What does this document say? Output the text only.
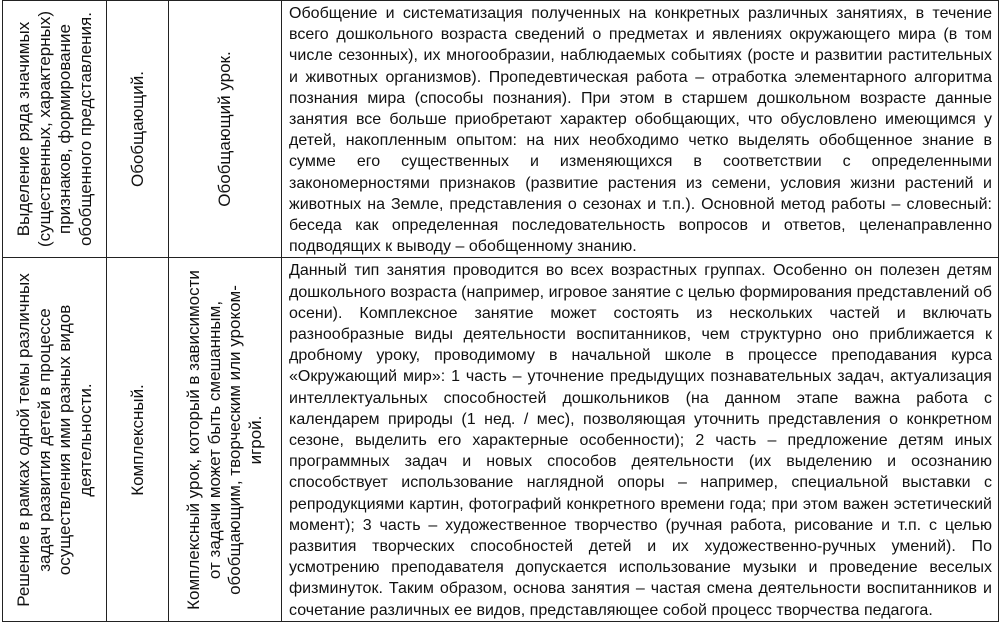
Выделение ряда значимых (существенных, характерных) признаков, формирование обобщенного представления.	Обобщающий.	Обобщающий урок.	Обобщение и систематизация полученных на конкретных различных занятиях, в течение всего дошкольного возраста сведений о предметах и явлениях окружающего мира (в том числе сезонных), их многообразии, наблюдаемых событиях (росте и развитии растительных и животных организмов). Пропедевтическая работа – отработка элементарного алгоритма познания мира (способы познания). При этом в старшем дошкольном возрасте данные занятия все больше приобретают характер обобщающих, что обусловлено имеющимся у детей, накопленным опытом: на них необходимо четко выделять обобщенное знание в сумме его существенных и изменяющихся в соответствии с определенными закономерностями признаков (развитие растения из семени, условия жизни растений и животных на Земле, представления о сезонах и т.п.). Основной метод работы – словесный: беседа как определенная последовательность вопросов и ответов, целенаправленно подводящих к выводу – обобщенному знанию.

Решение в рамках одной темы различных задач развития детей в процессе осуществления ими разных видов деятельности.	Комплексный.	Комплексный урок, который в зависимости от задачи может быть смешанным, обобщающим, творческим или уроком-игрой.	Данный тип занятия проводится во всех возрастных группах. Особенно он полезен детям дошкольного возраста (например, игровое занятие с целью формирования представлений об осени). Комплексное занятие может состоять из нескольких частей и включать разнообразные виды деятельности воспитанников, чем структурно оно приближается к дробному уроку, проводимому в начальной школе в процессе преподавания курса «Окружающий мир»: 1 часть – уточнение предыдущих познавательных задач, актуализация интеллектуальных способностей дошкольников (на данном этапе важна работа с календарем природы (1 нед. / мес), позволяющая уточнить представления о конкретном сезоне, выделить его характерные особенности); 2 часть – предложение детям иных программных задач и новых способов деятельности (их выделению и осознанию способствует использование наглядной опоры – например, специальной выставки с репродукциями картин, фотографий конкретного времени года; при этом важен эстетический момент); 3 часть – художественное творчество (ручная работа, рисование и т.п. с целью развития творческих способностей детей и их художественно-ручных умений). По усмотрению преподавателя допускается использование музыки и проведение веселых физминуток. Таким образом, основа занятия – частая смена деятельности воспитанников и сочетание различных ее видов, представляющее собой процесс творчества педагога.
